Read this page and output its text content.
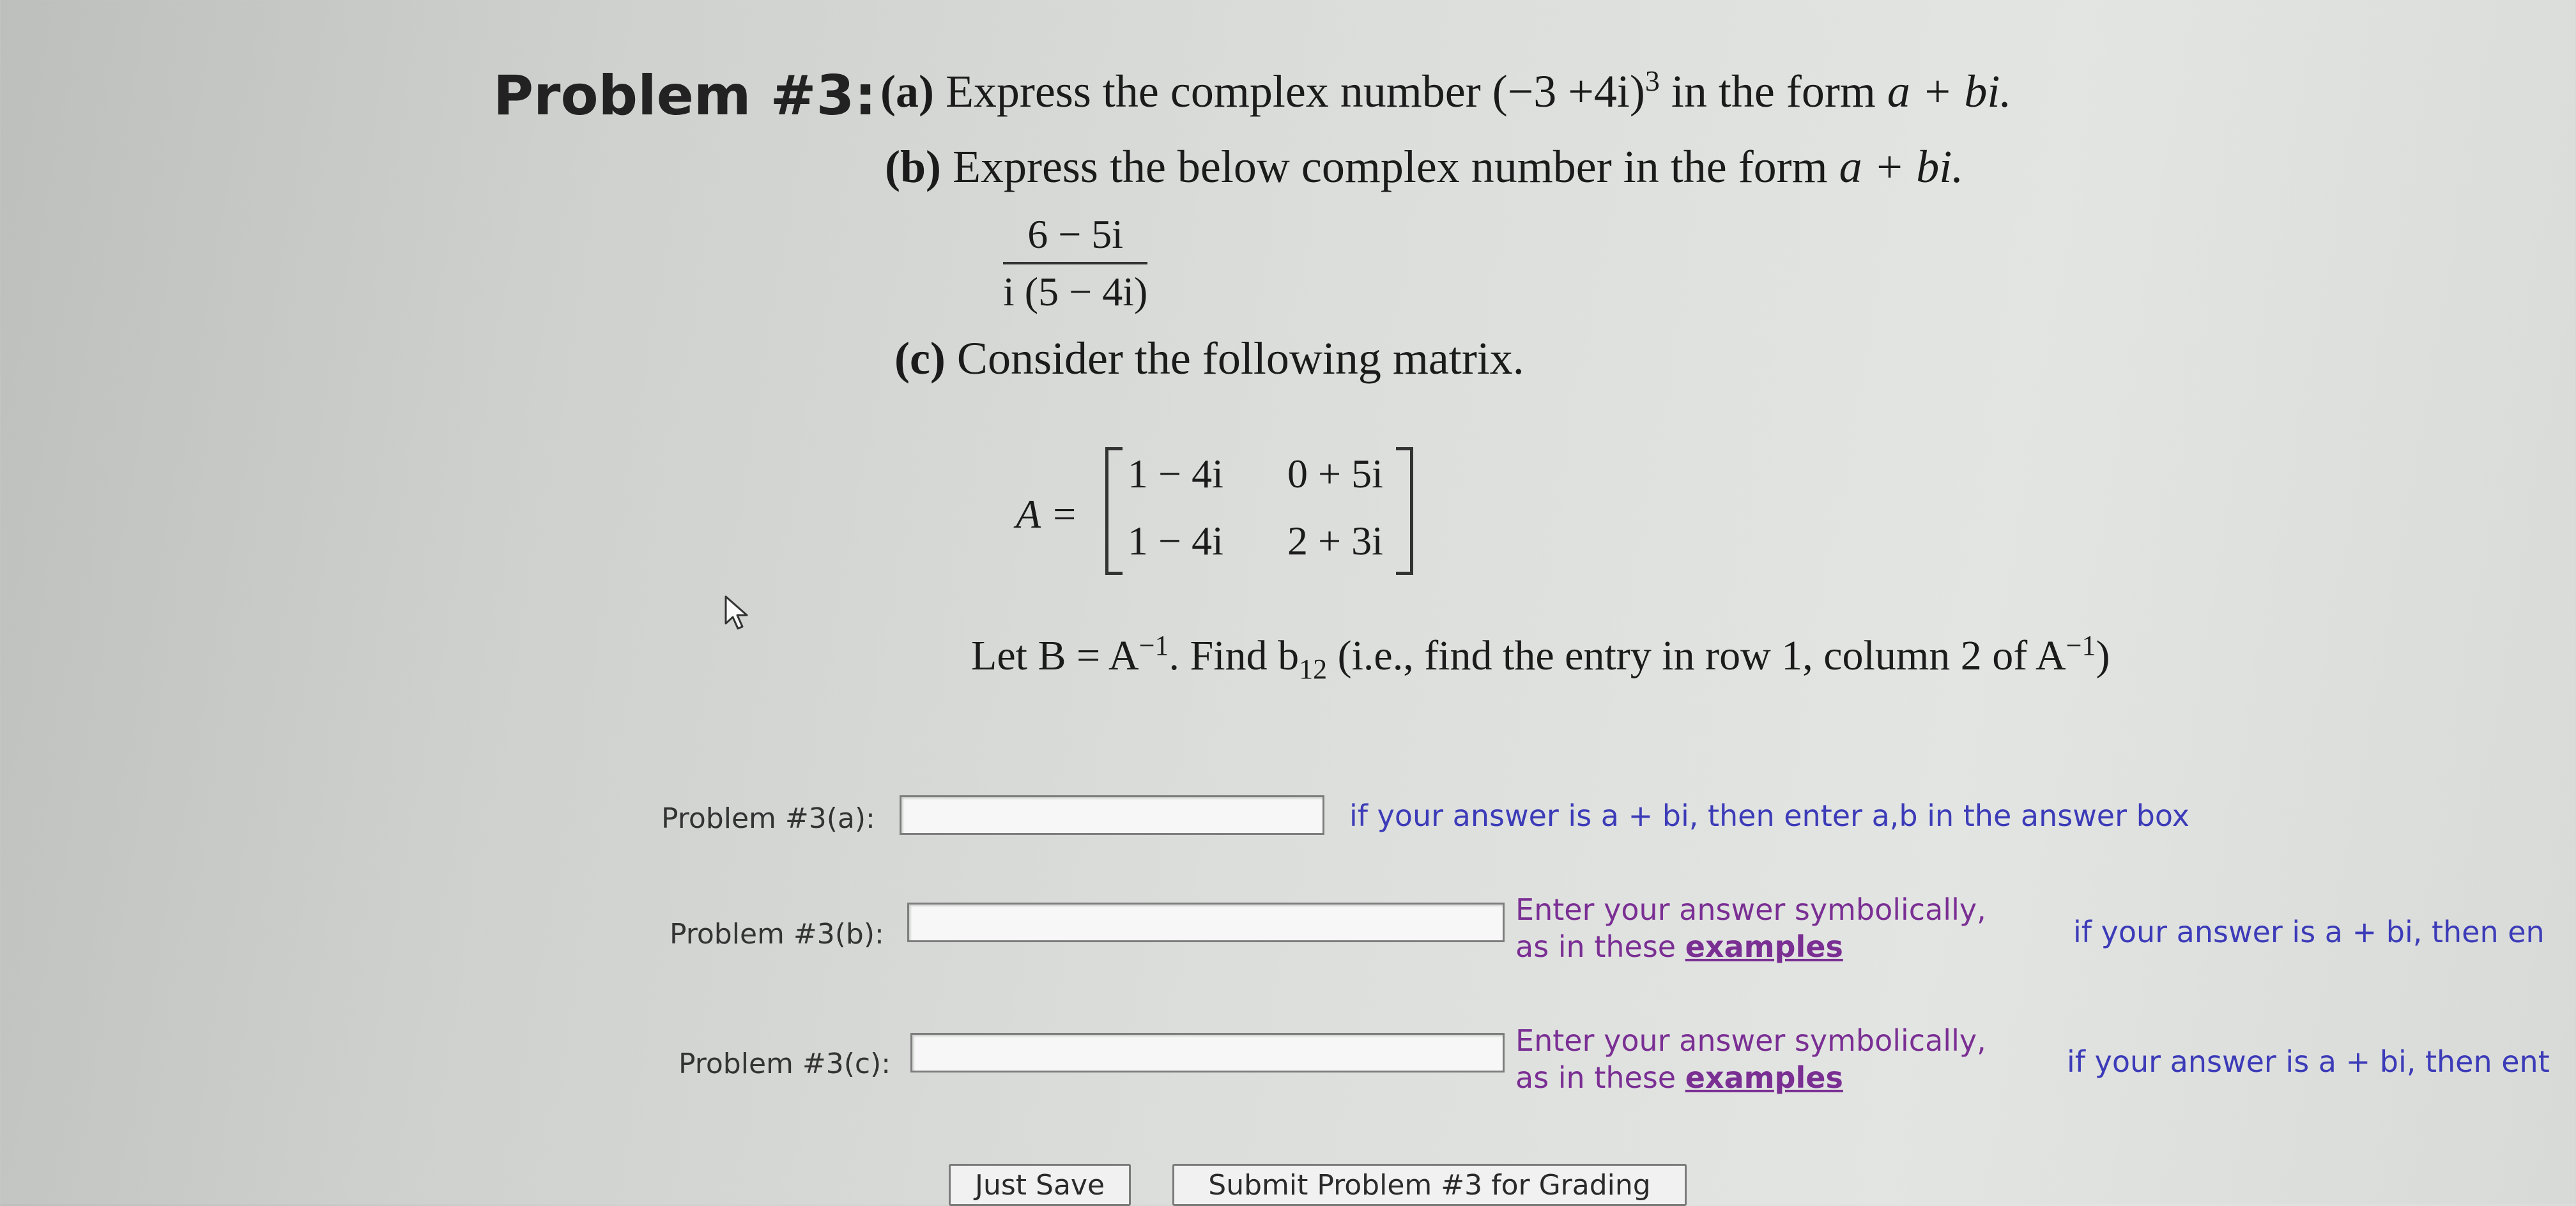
Problem #3: (a) Express the complex number $(-3 +4i)^3$ in the form a + bi.
(b) Express the below complex number in the form a + bi.
$\frac{6 - 5i}{i (5 - 4i)}$
(c) Consider the following matrix.
A =
1 − 4i 0 + 5i
1 − 4i 2 + 3i
Let $B = A^{-1}$. Find $b_{12}$ (i.e., find the entry in row 1, column 2 of $A^{-1}$)
Problem #3(a):	if your answer is a + bi, then enter a,b in the answer box
Problem #3(b):
Enter your answer symbolically,
as in these examples	if your answer is a + bi, then en
Problem #3(c):
Enter your answer symbolically,
as in these examples	if your answer is a + bi, then ent
Just Save	Submit Problem #3 for Grading
